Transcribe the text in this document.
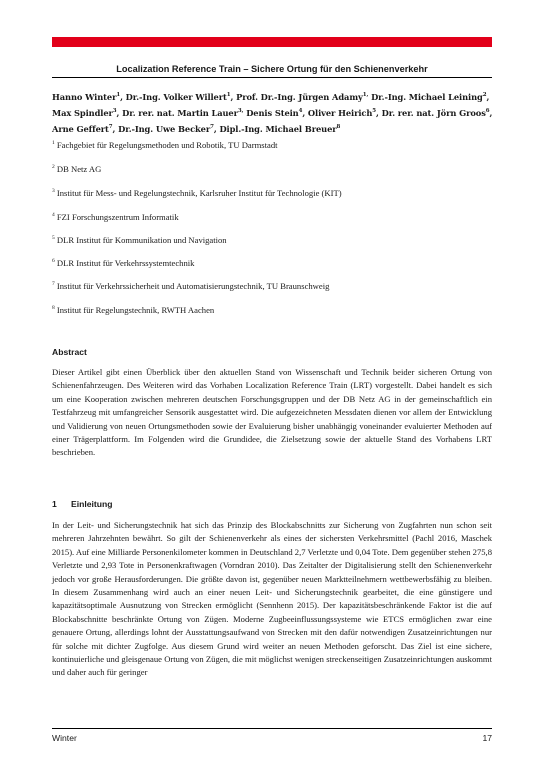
Localization Reference Train – Sichere Ortung für den Schienenverkehr
Hanno Winter$^1$, Dr.-Ing. Volker Willert$^1$, Prof. Dr.-Ing. Jürgen Adamy$^{1,}$ Dr.-Ing. Michael Leining$^2$, Max Spindler$^3$, Dr. rer. nat. Martin Lauer$^{3,}$ Denis Stein$^4$, Oliver Heirich$^5$, Dr. rer. nat. Jörn Groos$^6$, Arne Geffert$^7$, Dr.-Ing. Uwe Becker$^7$, Dipl.-Ing. Michael Breuer$^8$
$^1$ Fachgebiet für Regelungsmethoden und Robotik, TU Darmstadt
$^2$ DB Netz AG
$^3$ Institut für Mess- und Regelungstechnik, Karlsruher Institut für Technologie (KIT)
$^4$ FZI Forschungszentrum Informatik
$^5$ DLR Institut für Kommunikation und Navigation
$^6$ DLR Institut für Verkehrssystemtechnik
$^7$ Institut für Verkehrssicherheit und Automatisierungstechnik, TU Braunschweig
$^8$ Institut für Regelungstechnik, RWTH Aachen
Abstract

Dieser Artikel gibt einen Überblick über den aktuellen Stand von Wissenschaft und Technik beider sicheren Ortung von Schienenfahrzeugen. Des Weiteren wird das Vorhaben Localization Reference Train (LRT) vorgestellt. Dabei handelt es sich um eine Kooperation zwischen mehreren deutschen Forschungsgruppen und der DB Netz AG in der gemeinschaftlich ein Testfahrzeug mit umfangreicher Sensorik ausgestattet wird. Die aufgezeichneten Messdaten dienen vor allem der Entwicklung und Validierung von neuen Ortungsmethoden sowie der Evaluierung bisher unabhängig voneinander evaluierter Methoden auf einer Trägerplattform. Im Folgenden wird die Grundidee, die Zielsetzung sowie der aktuelle Stand des Vorhabens LRT beschrieben.

1 Einleitung

In der Leit- und Sicherungstechnik hat sich das Prinzip des Blockabschnitts zur Sicherung von Zugfahrten nun schon seit mehreren Jahrzehnten bewährt. So gilt der Schienenverkehr als eines der sichersten Verkehrsmittel (Pachl 2016, Maschek 2015). Auf eine Milliarde Personenkilometer kommen in Deutschland 2,7 Verletzte und 0,04 Tote. Dem gegenüber stehen 275,8 Verletzte und 2,93 Tote in Personenkraftwagen (Vorndran 2010). Das Zeitalter der Digitalisierung stellt den Schienenverkehr jedoch vor große Herausforderungen. Die größte davon ist, gegenüber neuen Marktteilnehmern wettbewerbsfähig zu bleiben. In diesem Zusammenhang wird auch an einer neuen Leit- und Sicherungstechnik gearbeitet, die eine günstigere und kapazitätsoptimale Ausnutzung von Strecken ermöglicht (Sennhenn 2015). Der kapazitätsbeschränkende Faktor ist die auf Blockabschnitte beschränkte Ortung von Zügen. Moderne Zugbeeinflussungssysteme wie ETCS ermöglichen zwar eine genauere Ortung, allerdings lohnt der Ausstattungsaufwand von Strecken mit den dafür notwendigen Zusatzeinrichtungen nur für solche mit dichter Zugfolge. Aus diesem Grund wird weiter an neuen Methoden geforscht. Das Ziel ist eine sichere, kontinuierliche und gleisgenaue Ortung von Zügen, die mit möglichst wenigen streckenseitigen Zusatzeinrichtungen auskommt und daher auch für geringer

Winter	17
